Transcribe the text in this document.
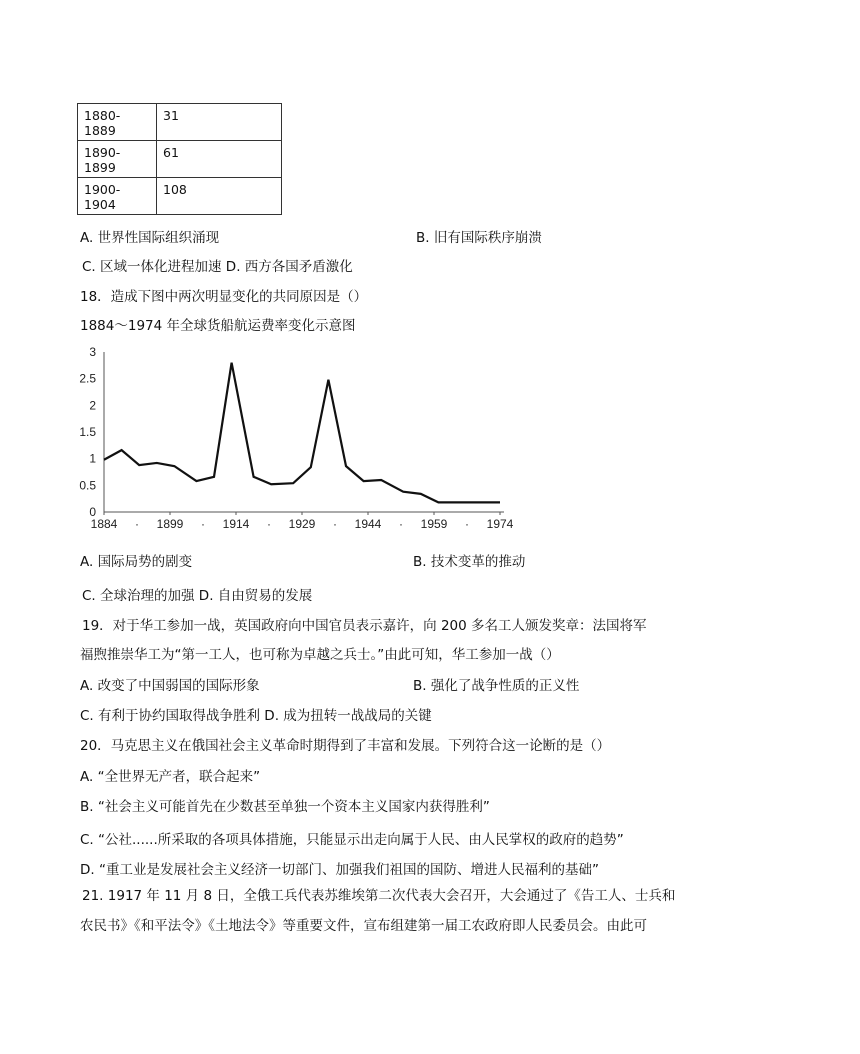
1880-1889	31
1890-1899	61
1900-1904	108
A. 世界性国际组织涌现	B. 旧有国际秩序崩溃
C. 区域一体化进程加速 D. 西方各国矛盾激化
18．造成下图中两次明显变化的共同原因是（）
1884～1974 年全球货船航运费率变化示意图
0
0.5
1
1.5
2
2.5
3
1884	1899	1914	1929	1944	1959	1974
·	·	·	·	·	·
A. 国际局势的剧变	B. 技术变革的推动
C. 全球治理的加强 D. 自由贸易的发展
19．对于华工参加一战，英国政府向中国官员表示嘉许，向 200 多名工人颁发奖章：法国将军
福煦推崇华工为“第一工人，也可称为卓越之兵士。”由此可知，华工参加一战（）
A. 改变了中国弱国的国际形象	B. 强化了战争性质的正义性
C. 有利于协约国取得战争胜利 D. 成为扭转一战战局的关键
20．马克思主义在俄国社会主义革命时期得到了丰富和发展。下列符合这一论断的是（）
A. “全世界无产者，联合起来”
B. “社会主义可能首先在少数甚至单独一个资本主义国家内获得胜利”
C. “公社......所采取的各项具体措施，只能显示出走向属于人民、由人民掌权的政府的趋势”
D. “重工业是发展社会主义经济一切部门、加强我们祖国的国防、增进人民福利的基础”
21. 1917 年 11 月 8 日，全俄工兵代表苏维埃第二次代表大会召开，大会通过了《告工人、士兵和
农民书》《和平法令》《土地法令》等重要文件，宣布组建第一届工农政府即人民委员会。由此可
